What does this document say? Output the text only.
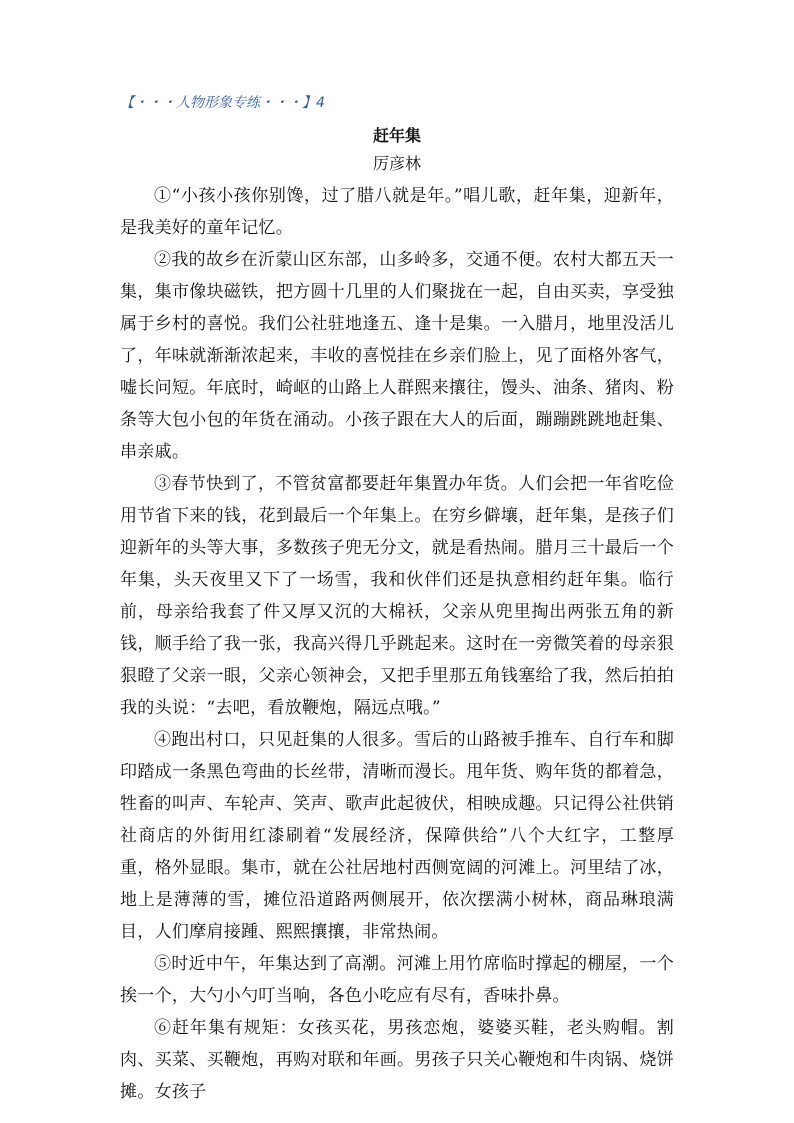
【・・・人物形象专练・・・】4
赶年集
厉彦林

①“小孩小孩你别馋，过了腊八就是年。”唱儿歌，赶年集，迎新年，是我美好的童年记忆。

②我的故乡在沂蒙山区东部，山多岭多，交通不便。农村大都五天一集，集市像块磁铁，把方圆十几里的人们聚拢在一起，自由买卖，享受独属于乡村的喜悦。我们公社驻地逢五、逢十是集。一入腊月，地里没活儿了，年味就渐渐浓起来，丰收的喜悦挂在乡亲们脸上，见了面格外客气，嘘长问短。年底时，崎岖的山路上人群熙来攘往，馒头、油条、猪肉、粉条等大包小包的年货在涌动。小孩子跟在大人的后面，蹦蹦跳跳地赶集、串亲戚。

③春节快到了，不管贫富都要赶年集置办年货。人们会把一年省吃俭用节省下来的钱，花到最后一个年集上。在穷乡僻壤，赶年集，是孩子们迎新年的头等大事，多数孩子兜无分文，就是看热闹。腊月三十最后一个年集，头天夜里又下了一场雪，我和伙伴们还是执意相约赶年集。临行前，母亲给我套了件又厚又沉的大棉袄，父亲从兜里掏出两张五角的新钱，顺手给了我一张，我高兴得几乎跳起来。这时在一旁微笑着的母亲狠狠瞪了父亲一眼，父亲心领神会，又把手里那五角钱塞给了我，然后拍拍我的头说：“去吧，看放鞭炮，隔远点哦。”

④跑出村口，只见赶集的人很多。雪后的山路被手推车、自行车和脚印踏成一条黑色弯曲的长丝带，清晰而漫长。甩年货、购年货的都着急，牲畜的叫声、车轮声、笑声、歌声此起彼伏，相映成趣。只记得公社供销社商店的外街用红漆刷着“发展经济，保障供给”八个大红字，工整厚重，格外显眼。集市，就在公社居地村西侧宽阔的河滩上。河里结了冰，地上是薄薄的雪，摊位沿道路两侧展开，依次摆满小树林，商品琳琅满目，人们摩肩接踵、熙熙攘攘，非常热闹。

⑤时近中午，年集达到了高潮。河滩上用竹席临时撑起的棚屋，一个挨一个，大勺小勺叮当响，各色小吃应有尽有，香味扑鼻。

⑥赶年集有规矩：女孩买花，男孩恋炮，婆婆买鞋，老头购帽。割肉、买菜、买鞭炮，再购对联和年画。男孩子只关心鞭炮和牛肉锅、烧饼摊。女孩子
